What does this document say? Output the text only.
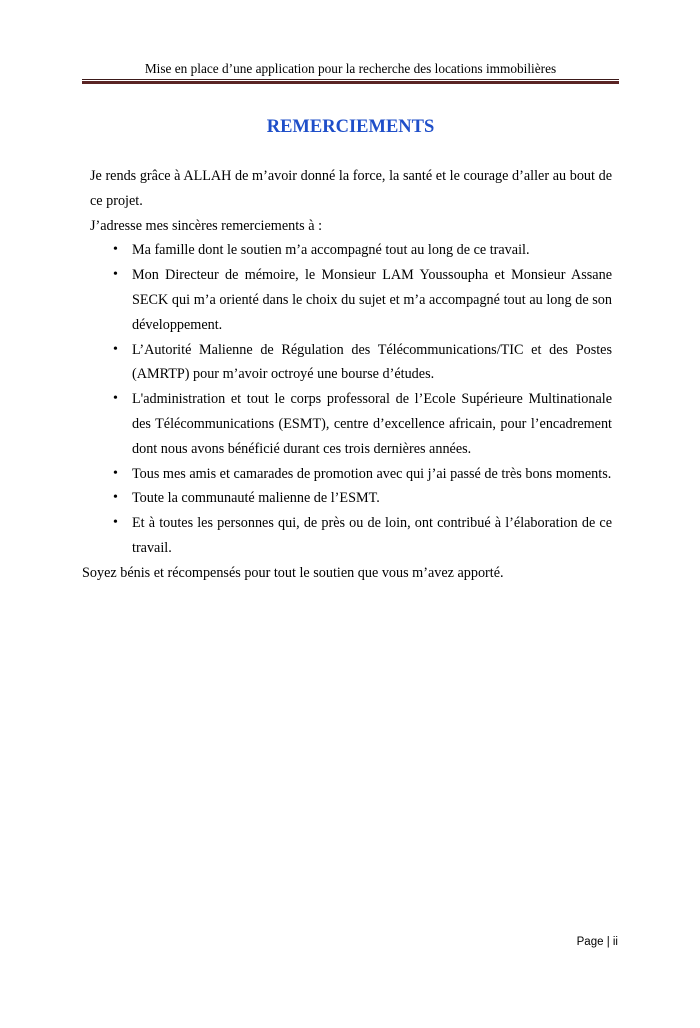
Mise en place d’une application pour la recherche des locations immobilières
REMERCIEMENTS
Je rends grâce à ALLAH de m’avoir donné la force, la santé et le courage d’aller au bout de ce projet.
J’adresse mes sincères remerciements à :
• Ma famille dont le soutien m’a accompagné tout au long de ce travail.
• Mon Directeur de mémoire, le Monsieur LAM Youssoupha et Monsieur Assane SECK qui m’a orienté dans le choix du sujet et m’a accompagné tout au long de son développement.
• L’Autorité Malienne de Régulation des Télécommunications/TIC et des Postes (AMRTP) pour m’avoir octroyé une bourse d’études.
• L'administration et tout le corps professoral de l’Ecole Supérieure Multinationale des Télécommunications (ESMT), centre d’excellence africain, pour l’encadrement dont nous avons bénéficié durant ces trois dernières années.
• Tous mes amis et camarades de promotion avec qui j’ai passé de très bons moments.
• Toute la communauté malienne de l’ESMT.
• Et à toutes les personnes qui, de près ou de loin, ont contribué à l’élaboration de ce travail.
Soyez bénis et récompensés pour tout le soutien que vous m’avez apporté.
Page | ii
